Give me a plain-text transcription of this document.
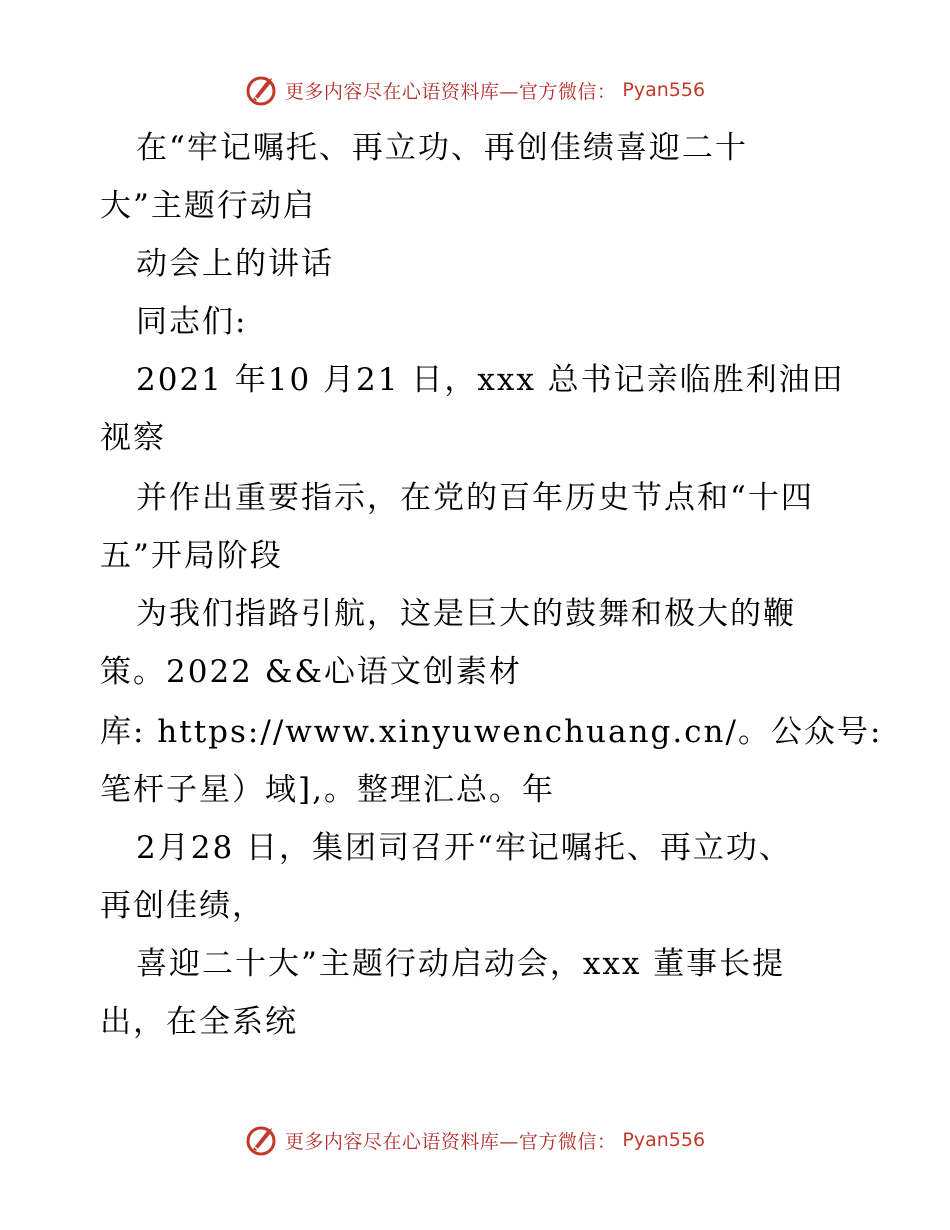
更多内容尽在心语资料库—官方微信： Pyan556
在“牢记嘱托、再立功、再创佳绩喜迎二十
大”主题行动启
动会上的讲话
同志们:
2021 年10 月21 日，xxx 总书记亲临胜利油田
视察
并作出重要指示，在党的百年历史节点和“十四
五”开局阶段
为我们指路引航，这是巨大的鼓舞和极大的鞭
策。2022 &&心语文创素材
库: https://www.xinyuwenchuang.cn/。公众号:
笔杆子星）域],。整理汇总。年
2月28 日，集团司召开“牢记嘱托、再立功、
再创佳绩，
喜迎二十大”主题行动启动会，xxx 董事长提
出，在全系统
更多内容尽在心语资料库—官方微信： Pyan556
